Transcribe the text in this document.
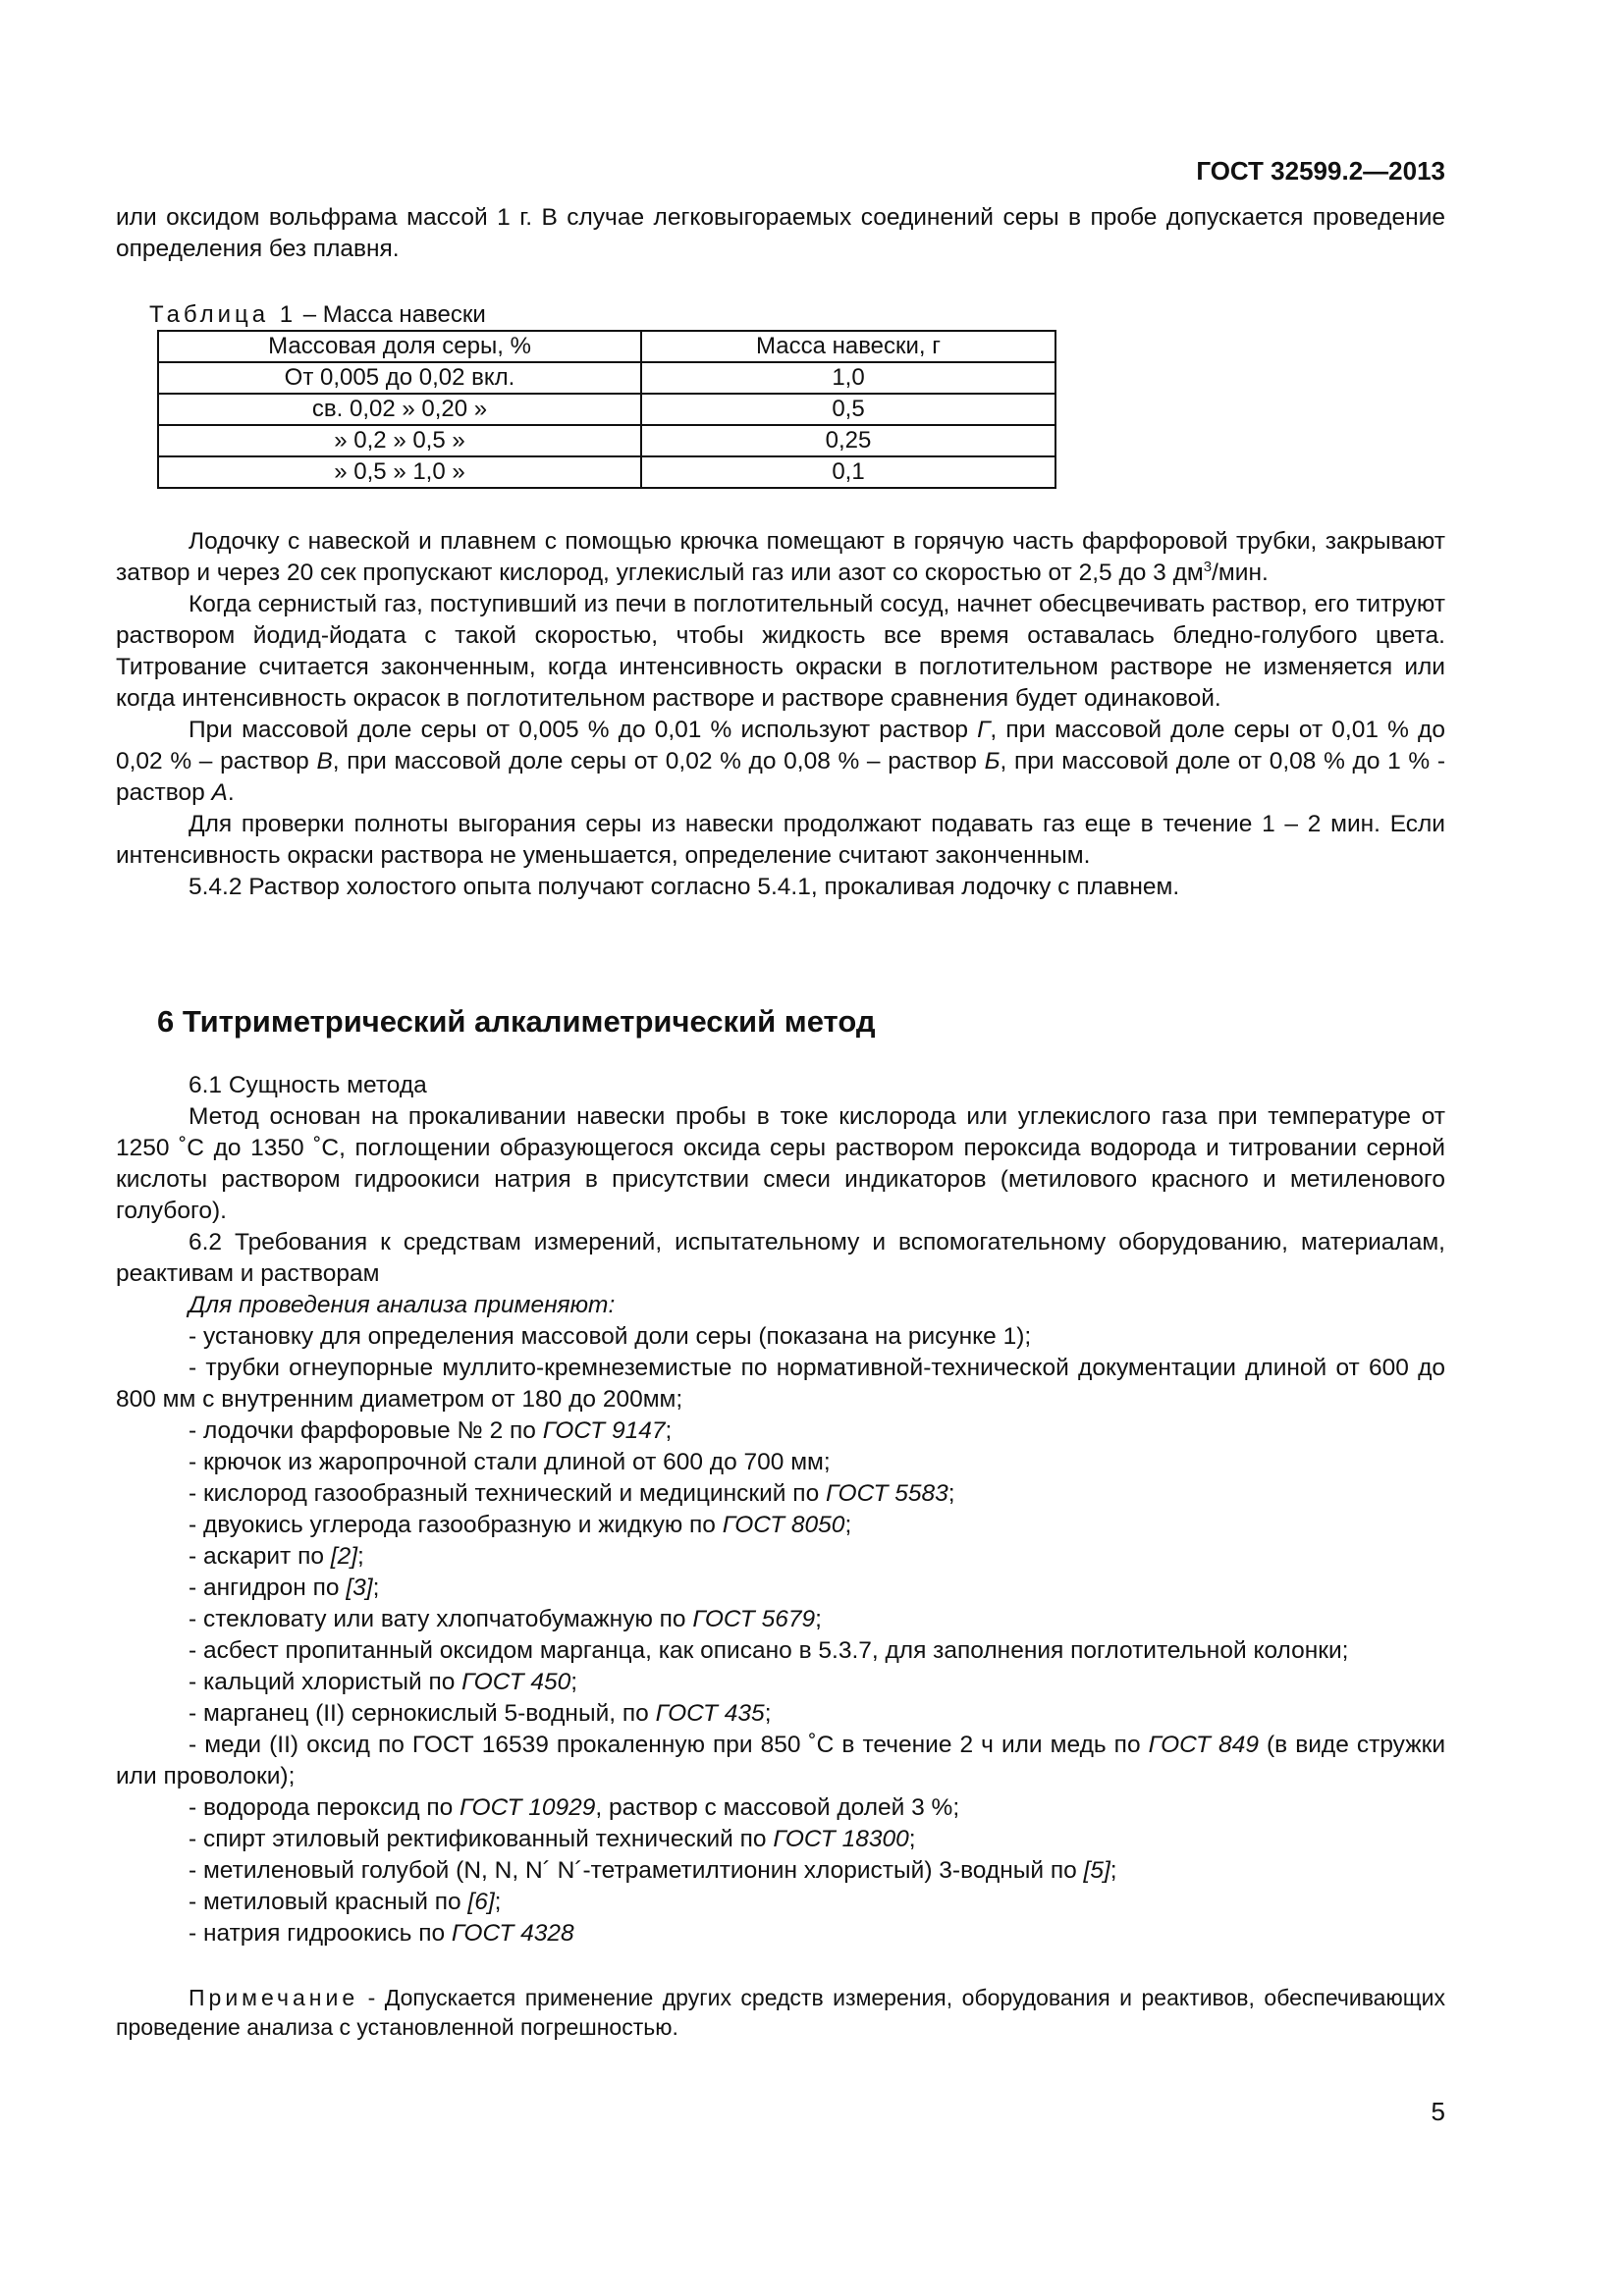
ГОСТ 32599.2—2013

или оксидом вольфрама массой 1 г. В случае легковыгораемых соединений серы в пробе допускается проведение определения без плавня.

Таблица 1 – Масса навески
Массовая доля серы, %	Масса навески, г
От 0,005 до 0,02 вкл.	1,0
св. 0,02 » 0,20 »	0,5
» 0,2 » 0,5 »	0,25
» 0,5 » 1,0 »	0,1

Лодочку с навеской и плавнем с помощью крючка помещают в горячую часть фарфоровой трубки, закрывают затвор и через 20 сек пропускают кислород, углекислый газ или азот со скоростью от 2,5 до 3 $дм^3$/мин.

Когда сернистый газ, поступивший из печи в поглотительный сосуд, начнет обесцвечивать раствор, его титруют раствором йодид-йодата с такой скоростью, чтобы жидкость все время оставалась бледно-голубого цвета. Титрование считается законченным, когда интенсивность окраски в поглотительном растворе не изменяется или когда интенсивность окрасок в поглотительном растворе и растворе сравнения будет одинаковой.

При массовой доле серы от 0,005 % до 0,01 % используют раствор Г, при массовой доле серы от 0,01 % до 0,02 % – раствор В, при массовой доле серы от 0,02 % до 0,08 % – раствор Б, при массовой доле от 0,08 % до 1 % - раствор А.

Для проверки полноты выгорания серы из навески продолжают подавать газ еще в течение 1 – 2 мин. Если интенсивность окраски раствора не уменьшается, определение считают законченным.

5.4.2 Раствор холостого опыта получают согласно 5.4.1, прокаливая лодочку с плавнем.

6 Титриметрический алкалиметрический метод

6.1 Сущность метода

Метод основан на прокаливании навески пробы в токе кислорода или углекислого газа при температуре от 1250 ˚С до 1350 ˚С, поглощении образующегося оксида серы раствором пероксида водорода и титровании серной кислоты раствором гидроокиси натрия в присутствии смеси индикаторов (метилового красного и метиленового голубого).

6.2 Требования к средствам измерений, испытательному и вспомогательному оборудованию, материалам, реактивам и растворам

Для проведения анализа применяют:

- установку для определения массовой доли серы (показана на рисунке 1);

- трубки огнеупорные муллито-кремнеземистые по нормативной-технической документации длиной от 600 до 800 мм с внутренним диаметром от 180 до 200мм;

- лодочки фарфоровые № 2 по ГОСТ 9147;

- крючок из жаропрочной стали длиной от 600 до 700 мм;

- кислород газообразный технический и медицинский по ГОСТ 5583;

- двуокись углерода газообразную и жидкую по ГОСТ 8050;

- аскарит по [2];

- ангидрон по [3];

- стекловату или вату хлопчатобумажную по ГОСТ 5679;

- асбест пропитанный оксидом марганца, как описано в 5.3.7, для заполнения поглотительной колонки;

- кальций хлористый по ГОСТ 450;

- марганец (II) сернокислый 5-водный, по ГОСТ 435;

- меди (II) оксид по ГОСТ 16539 прокаленную при 850 ˚С в течение 2 ч или медь по ГОСТ 849 (в виде стружки или проволоки);

- водорода пероксид по ГОСТ 10929, раствор с массовой долей 3 %;

- спирт этиловый ректификованный технический по ГОСТ 18300;

- метиленовый голубой (N, N, N´ N´-тетраметилтионин хлористый) 3-водный по [5];

- метиловый красный по [6];

- натрия гидроокись по ГОСТ 4328

Примечание - Допускается применение других средств измерения, оборудования и реактивов, обеспечивающих проведение анализа с установленной погрешностью.

5
